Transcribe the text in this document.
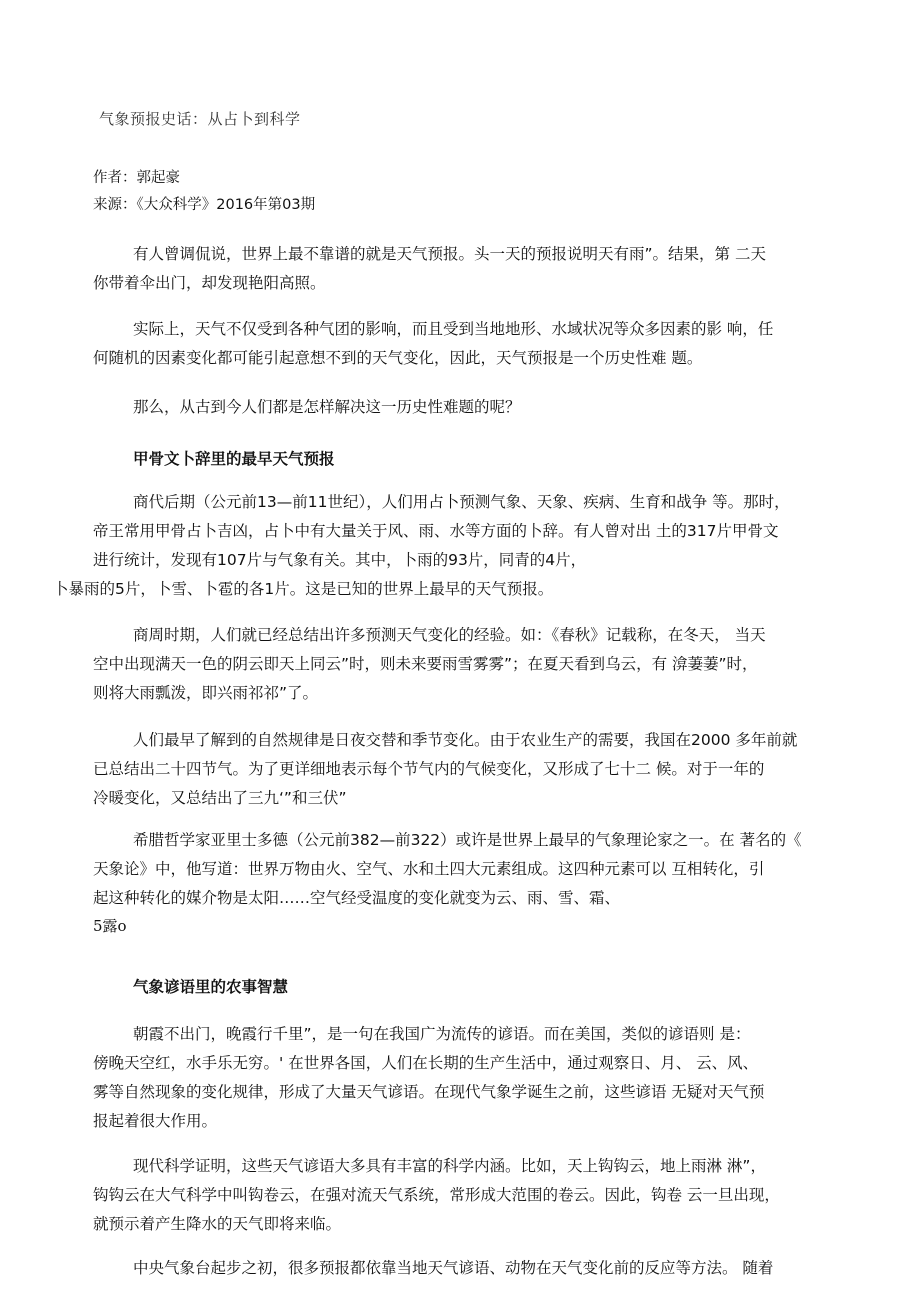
气象预报史话：从占卜到科学
作者：郭起豪
来源：《大众科学》2016年第03期

有人曾调侃说，世界上最不靠谱的就是天气预报。头一天的预报说明天有雨”。结果，第 二天
你带着伞出门，却发现艳阳高照。

实际上，天气不仅受到各种气团的影响，而且受到当地地形、水域状况等众多因素的影 响，任
何随机的因素变化都可能引起意想不到的天气变化，因此，天气预报是一个历史性难 题。

那么，从古到今人们都是怎样解决这一历史性难题的呢？

甲骨文卜辞里的最早天气预报

商代后期（公元前13—前11世纪），人们用占卜预测气象、天象、疾病、生育和战争 等。那时，
帝王常用甲骨占卜吉凶，占卜中有大量关于风、雨、水等方面的卜辞。有人曾对出 土的317片甲骨文
进行统计，发现有107片与气象有关。其中，卜雨的93片，同青的4片，
卜暴雨的5片，卜雪、卜雹的各1片。这是已知的世界上最早的天气预报。

商周时期，人们就已经总结出许多预测天气变化的经验。如：《春秋》记载称，在冬天， 当天
空中出现满天一色的阴云即天上同云”时，则未来要雨雪雾雾”；在夏天看到乌云，有 渰萋萋”时，
则将大雨瓢泼，即兴雨祁祁”了。

人们最早了解到的自然规律是日夜交替和季节变化。由于农业生产的需要，我国在2000 多年前就
已总结出二十四节气。为了更详细地表示每个节气内的气候变化，又形成了七十二 候。对于一年的
冷暖变化，又总结出了三九‘”和三伏”

希腊哲学家亚里士多德（公元前382—前322）或许是世界上最早的气象理论家之一。在 著名的《
天象论》中，他写道：世界万物由火、空气、水和土四大元素组成。这四种元素可以 互相转化，引
起这种转化的媒介物是太阳……空气经受温度的变化就变为云、雨、雪、霜、

5露o
气象谚语里的农事智慧

朝霞不出门，晚霞行千里”，是一句在我国广为流传的谚语。而在美国，类似的谚语则 是：
傍晚天空红，水手乐无穷。' 在世界各国，人们在长期的生产生活中，通过观察日、月、 云、风、
雾等自然现象的变化规律，形成了大量天气谚语。在现代气象学诞生之前，这些谚语 无疑对天气预
报起着很大作用。

现代科学证明，这些天气谚语大多具有丰富的科学内涵。比如，天上钩钩云，地上雨淋 淋”，
钩钩云在大气科学中叫钩卷云，在强对流天气系统，常形成大范围的卷云。因此，钩卷 云一旦出现，
就预示着产生降水的天气即将来临。

中央气象台起步之初，很多预报都依靠当地天气谚语、动物在天气变化前的反应等方法。 随着
